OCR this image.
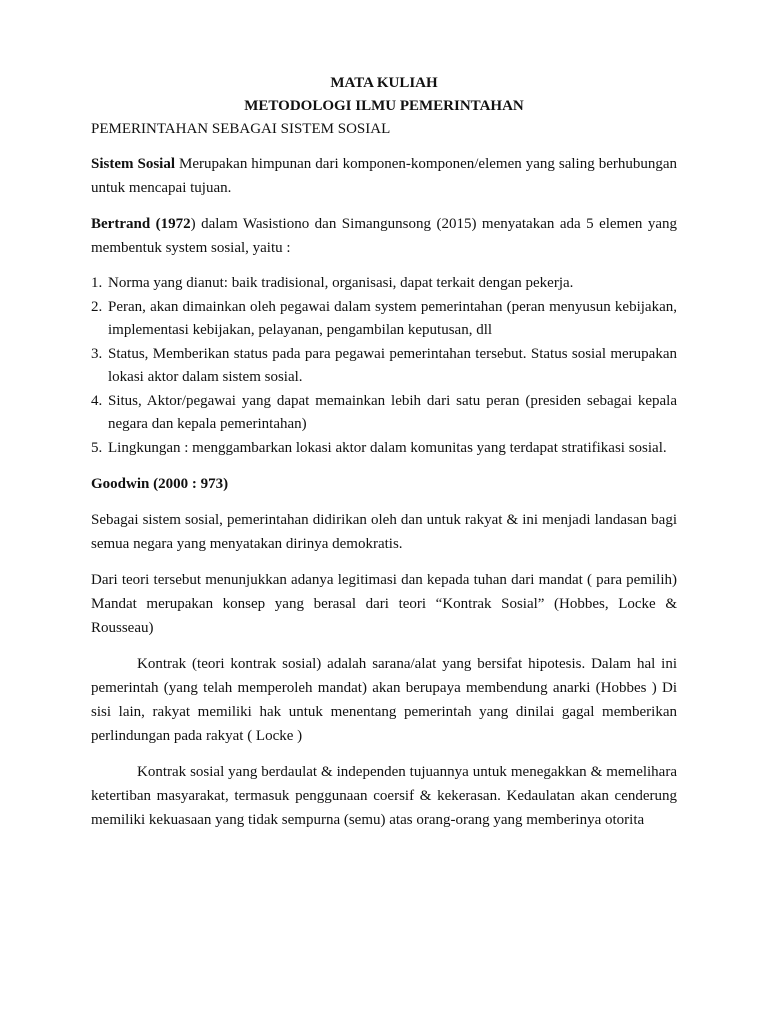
MATA KULIAH
METODOLOGI ILMU PEMERINTAHAN
PEMERINTAHAN SEBAGAI SISTEM SOSIAL

Sistem Sosial Merupakan himpunan dari komponen-komponen/elemen yang saling berhubungan untuk mencapai tujuan.

Bertrand (1972) dalam Wasistiono dan Simangunsong (2015) menyatakan ada 5 elemen yang membentuk system sosial, yaitu :

1. Norma yang dianut: baik tradisional, organisasi, dapat terkait dengan pekerja.
2. Peran, akan dimainkan oleh pegawai dalam system pemerintahan (peran menyusun kebijakan, implementasi kebijakan, pelayanan, pengambilan keputusan, dll
3. Status, Memberikan status pada para pegawai pemerintahan tersebut. Status sosial merupakan lokasi aktor dalam sistem sosial.
4. Situs, Aktor/pegawai yang dapat memainkan lebih dari satu peran (presiden sebagai kepala negara dan kepala pemerintahan)
5. Lingkungan : menggambarkan lokasi aktor dalam komunitas yang terdapat stratifikasi sosial.
Goodwin (2000 : 973)

Sebagai sistem sosial, pemerintahan didirikan oleh dan untuk rakyat & ini menjadi landasan bagi semua negara yang menyatakan dirinya demokratis.

Dari teori tersebut menunjukkan adanya legitimasi dan kepada tuhan dari mandat ( para pemilih) Mandat merupakan konsep yang berasal dari teori “Kontrak Sosial” (Hobbes, Locke & Rousseau)

Kontrak (teori kontrak sosial) adalah sarana/alat yang bersifat hipotesis. Dalam hal ini pemerintah (yang telah memperoleh mandat) akan berupaya membendung anarki (Hobbes ) Di sisi lain, rakyat memiliki hak untuk menentang pemerintah yang dinilai gagal memberikan perlindungan pada rakyat ( Locke )

Kontrak sosial yang berdaulat & independen tujuannya untuk menegakkan & memelihara ketertiban masyarakat, termasuk penggunaan coersif & kekerasan. Kedaulatan akan cenderung memiliki kekuasaan yang tidak sempurna (semu) atas orang-orang yang memberinya otorita
